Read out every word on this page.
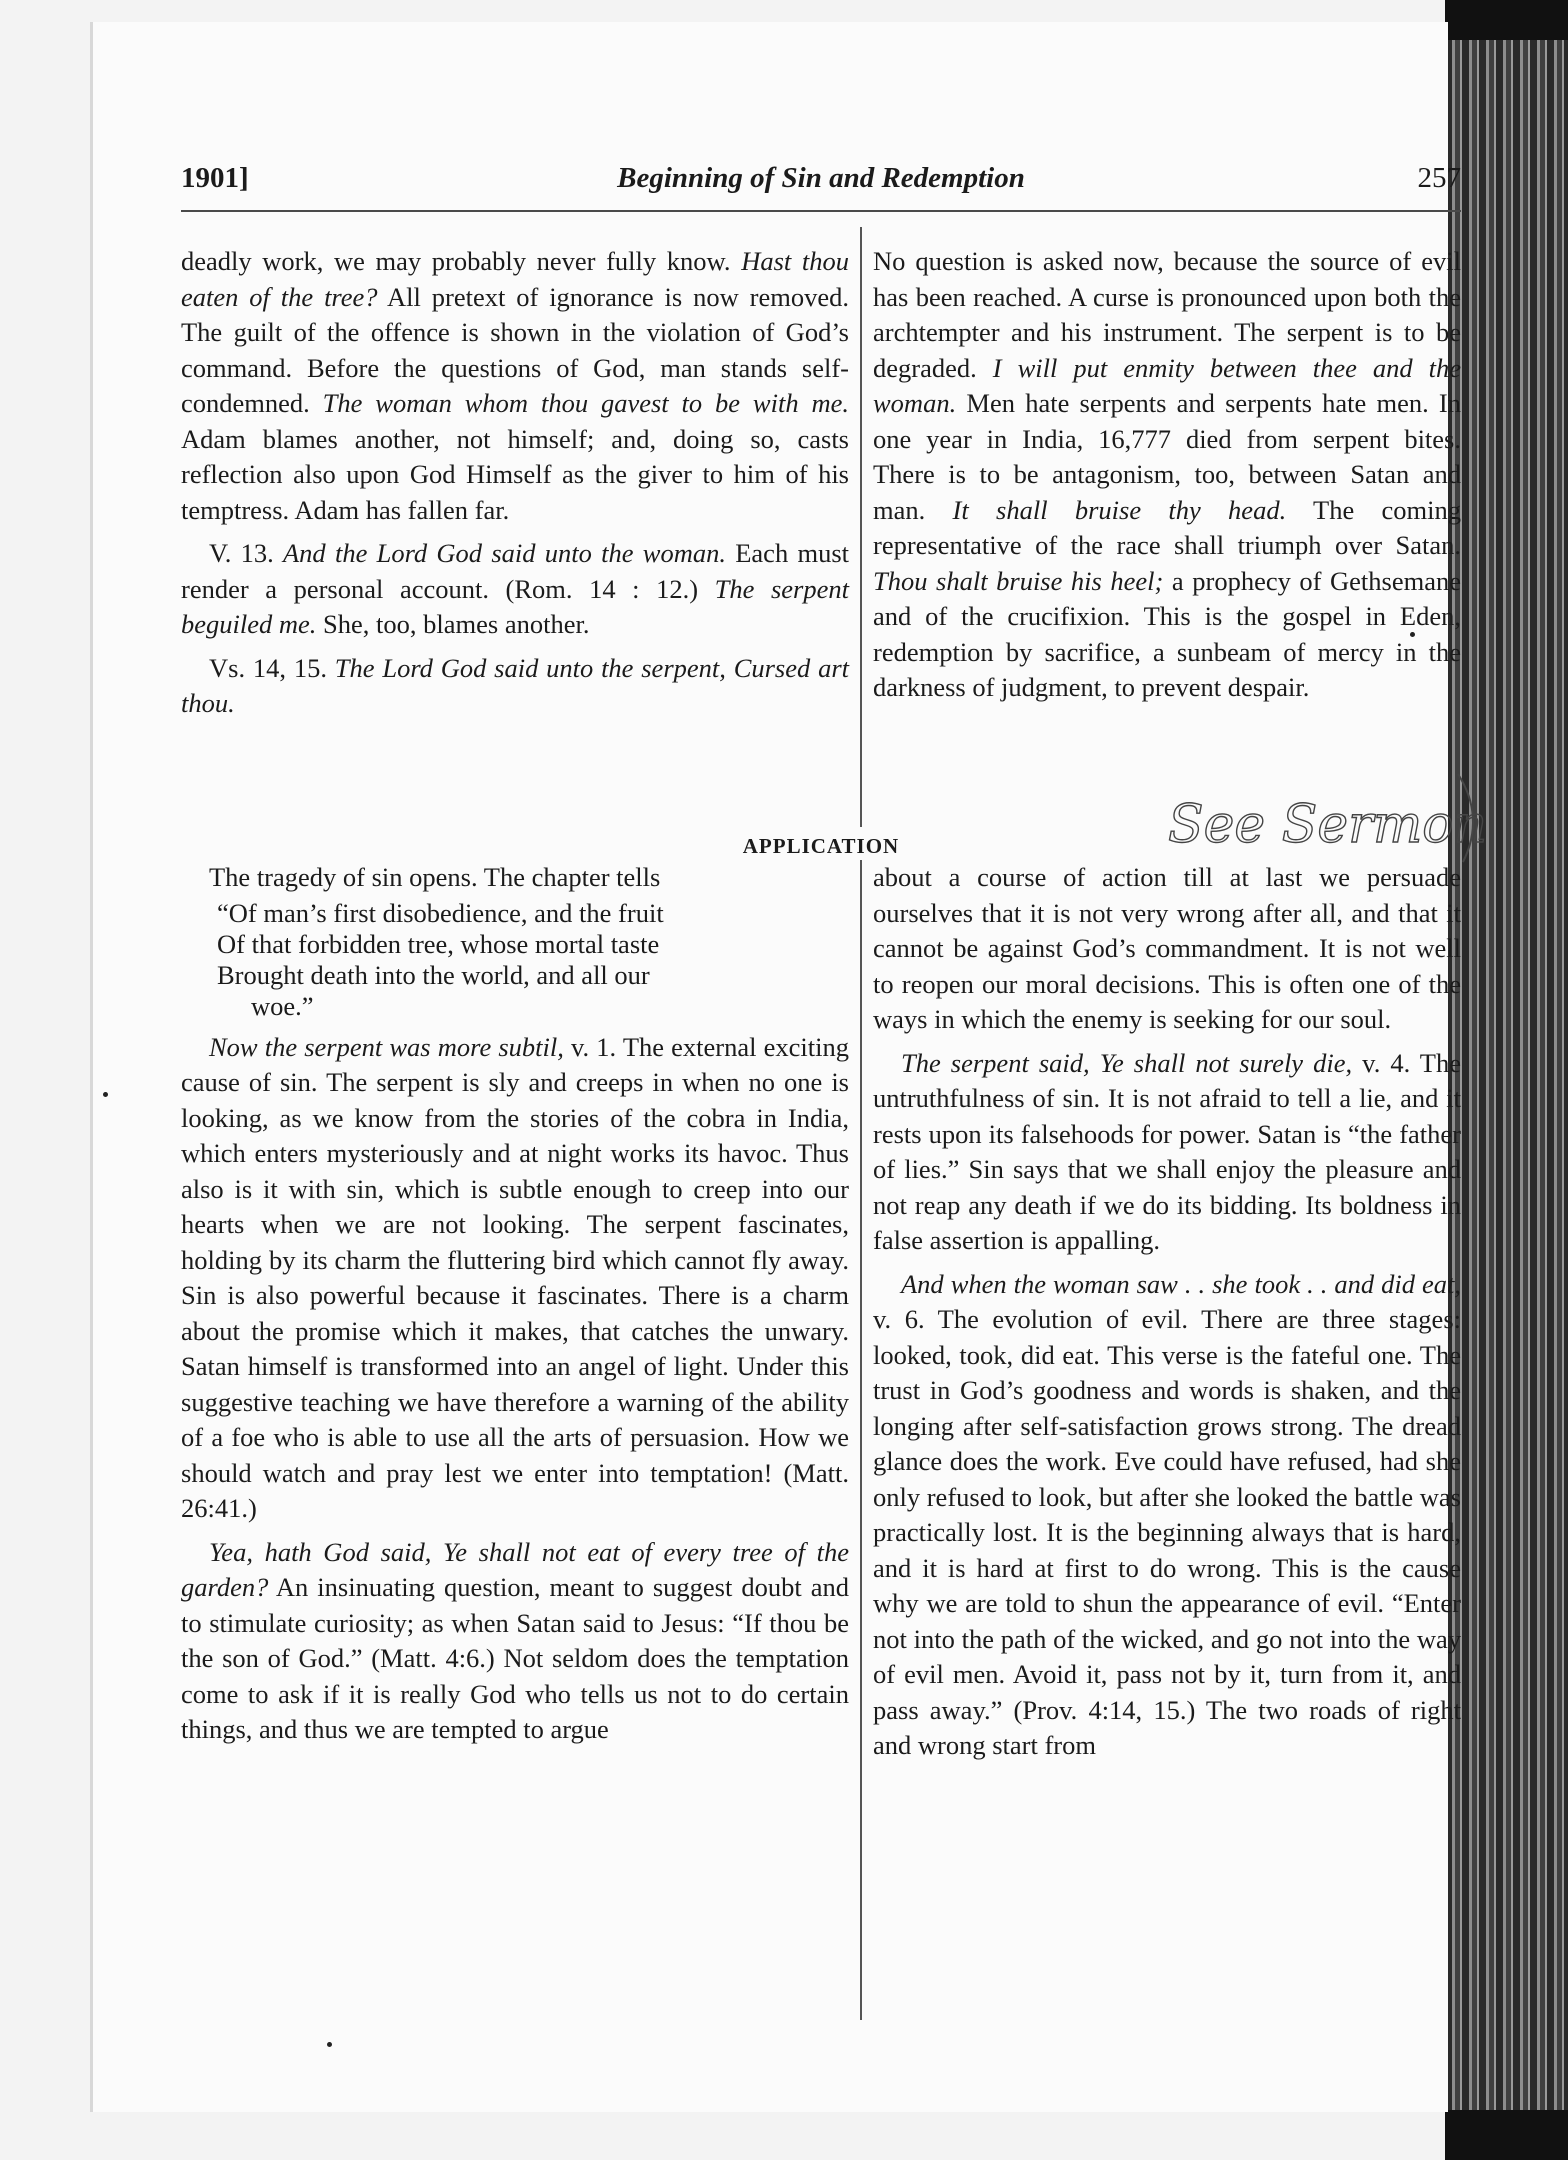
1901]	Beginning of Sin and Redemption	257

deadly work, we may probably never fully know. Hast thou eaten of the tree? All pretext of ignorance is now removed. The guilt of the offence is shown in the violation of God’s command. Before the questions of God, man stands self-condemned. The woman whom thou gavest to be with me. Adam blames another, not himself; and, doing so, casts reflection also upon God Himself as the giver to him of his temptress. Adam has fallen far.

V. 13. And the Lord God said unto the woman. Each must render a personal account. (Rom. 14 : 12.) The serpent beguiled me. She, too, blames another.

Vs. 14, 15. The Lord God said unto the serpent, Cursed art thou.

No question is asked now, because the source of evil has been reached. A curse is pronounced upon both the archtempter and his instrument. The serpent is to be degraded. I will put enmity between thee and the woman. Men hate serpents and serpents hate men. In one year in India, 16,777 died from serpent bites. There is to be antagonism, too, between Satan and man. It shall bruise thy head. The coming representative of the race shall triumph over Satan. Thou shalt bruise his heel; a prophecy of Gethsemane and of the crucifixion. This is the gospel in Eden, redemption by sacrifice, a sunbeam of mercy in the darkness of judgment, to prevent despair.

APPLICATION

The tragedy of sin opens. The chapter tells

“Of man’s first disobedience, and the fruit
Of that forbidden tree, whose mortal taste
Brought death into the world, and all our
woe.”

Now the serpent was more subtil, v. 1. The external exciting cause of sin. The serpent is sly and creeps in when no one is looking, as we know from the stories of the cobra in India, which enters mysteriously and at night works its havoc. Thus also is it with sin, which is subtle enough to creep into our hearts when we are not looking. The serpent fascinates, holding by its charm the fluttering bird which cannot fly away. Sin is also powerful because it fascinates. There is a charm about the promise which it makes, that catches the unwary. Satan himself is transformed into an angel of light. Under this suggestive teaching we have therefore a warning of the ability of a foe who is able to use all the arts of persuasion. How we should watch and pray lest we enter into temptation! (Matt. 26:41.)

Yea, hath God said, Ye shall not eat of every tree of the garden? An insinuating question, meant to suggest doubt and to stimulate curiosity; as when Satan said to Jesus: “If thou be the son of God.” (Matt. 4:6.) Not seldom does the temptation come to ask if it is really God who tells us not to do certain things, and thus we are tempted to argue

about a course of action till at last we persuade ourselves that it is not very wrong after all, and that it cannot be against God’s commandment. It is not well to reopen our moral decisions. This is often one of the ways in which the enemy is seeking for our soul.

The serpent said, Ye shall not surely die, v. 4. The untruthfulness of sin. It is not afraid to tell a lie, and it rests upon its falsehoods for power. Satan is “the father of lies.” Sin says that we shall enjoy the pleasure and not reap any death if we do its bidding. Its boldness in false assertion is appalling.

And when the woman saw . . she took . . and did eat, v. 6. The evolution of evil. There are three stages: looked, took, did eat. This verse is the fateful one. The trust in God’s goodness and words is shaken, and the longing after self-satisfaction grows strong. The dread glance does the work. Eve could have refused, had she only refused to look, but after she looked the battle was practically lost. It is the beginning always that is hard, and it is hard at first to do wrong. This is the cause why we are told to shun the appearance of evil. “Enter not into the path of the wicked, and go not into the way of evil men. Avoid it, pass not by it, turn from it, and pass away.” (Prov. 4:14, 15.) The two roads of right and wrong start from

See Sermon
